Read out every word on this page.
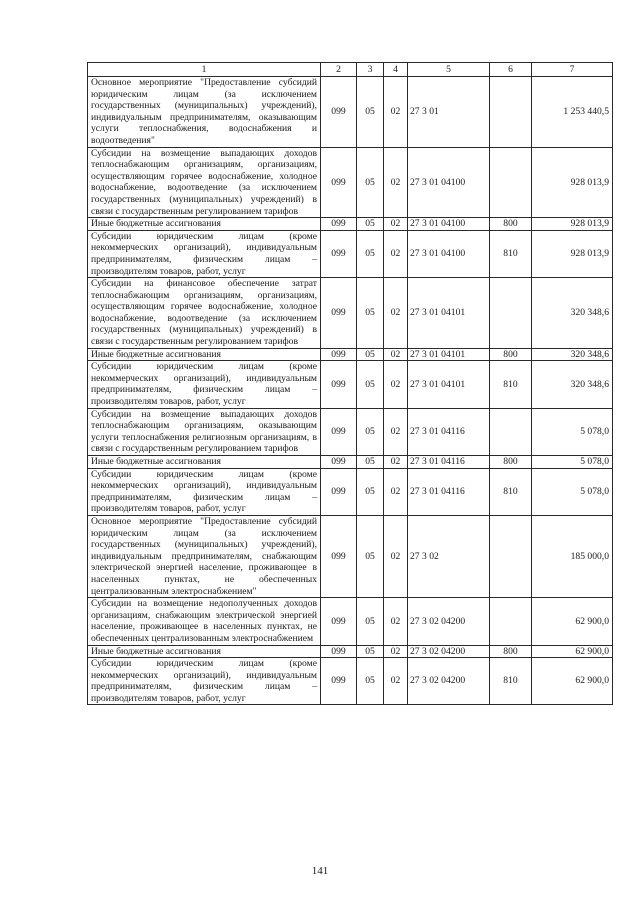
1	2	3	4	5	6	7
Основное мероприятие "Предоставление субсидий юридическим лицам (за исключением государственных (муниципальных) учреждений), индивидуальным предпринимателям, оказывающим услуги теплоснабжения, водоснабжения и водоотведения"	099	05	02	27 3 01		1 253 440,5
Субсидии на возмещение выпадающих доходов теплоснабжающим организациям, организациям, осуществляющим горячее водоснабжение, холодное водоснабжение, водоотведение (за исключением государственных (муниципальных) учреждений) в связи с государственным регулированием тарифов	099	05	02	27 3 01 04100		928 013,9
Иные бюджетные ассигнования	099	05	02	27 3 01 04100	800	928 013,9
Субсидии юридическим лицам (кроме некоммерческих организаций), индивидуальным предпринимателям, физическим лицам – производителям товаров, работ, услуг	099	05	02	27 3 01 04100	810	928 013,9
Субсидии на финансовое обеспечение затрат теплоснабжающим организациям, организациям, осуществляющим горячее водоснабжение, холодное водоснабжение, водоотведение (за исключением государственных (муниципальных) учреждений) в связи с государственным регулированием тарифов	099	05	02	27 3 01 04101		320 348,6
Иные бюджетные ассигнования	099	05	02	27 3 01 04101	800	320 348,6
Субсидии юридическим лицам (кроме некоммерческих организаций), индивидуальным предпринимателям, физическим лицам – производителям товаров, работ, услуг	099	05	02	27 3 01 04101	810	320 348,6
Субсидии на возмещение выпадающих доходов теплоснабжающим организациям, оказывающим услуги теплоснабжения религиозным организациям, в связи с государственным регулированием тарифов	099	05	02	27 3 01 04116		5 078,0
Иные бюджетные ассигнования	099	05	02	27 3 01 04116	800	5 078,0
Субсидии юридическим лицам (кроме некоммерческих организаций), индивидуальным предпринимателям, физическим лицам – производителям товаров, работ, услуг	099	05	02	27 3 01 04116	810	5 078,0
Основное мероприятие "Предоставление субсидий юридическим лицам (за исключением государственных (муниципальных) учреждений), индивидуальным предпринимателям, снабжающим электрической энергией население, проживающее в населенных пунктах, не обеспеченных централизованным электроснабжением"	099	05	02	27 3 02		185 000,0
Субсидии на возмещение недополученных доходов организациям, снабжающим электрической энергией население, проживающее в населенных пунктах, не обеспеченных централизованным электроснабжением	099	05	02	27 3 02 04200		62 900,0
Иные бюджетные ассигнования	099	05	02	27 3 02 04200	800	62 900,0
Субсидии юридическим лицам (кроме некоммерческих организаций), индивидуальным предпринимателям, физическим лицам – производителям товаров, работ, услуг	099	05	02	27 3 02 04200	810	62 900,0
141
